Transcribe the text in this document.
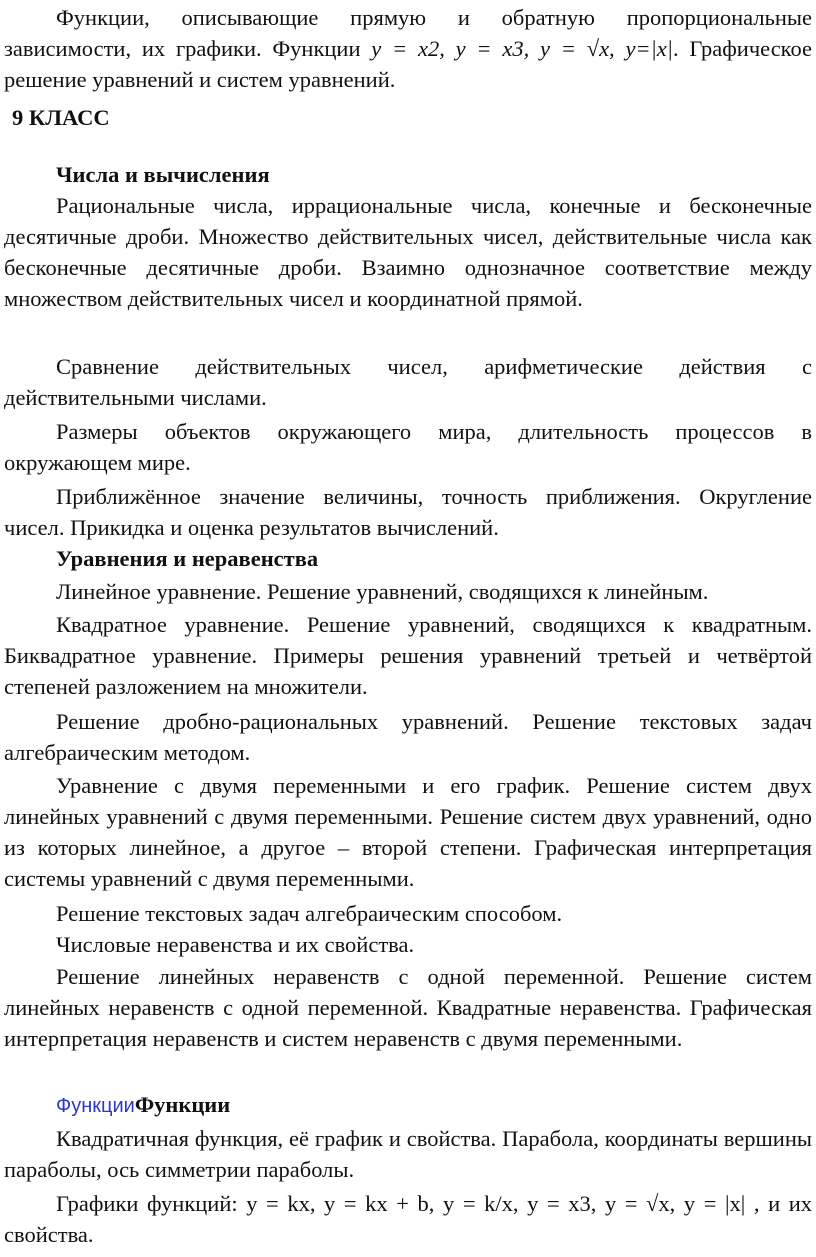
Функции, описывающие прямую и обратную пропорциональные зависимости, их графики. Функции y = x2, y = x3, y = √x, y=|x|. Графическое решение уравнений и систем уравнений.

9 КЛАСС

Числа и вычисления

Рациональные числа, иррациональные числа, конечные и бесконечные десятичные дроби. Множество действительных чисел, действительные числа как бесконечные десятичные дроби. Взаимно однозначное соответствие между множеством действительных чисел и координатной прямой.

Сравнение действительных чисел, арифметические действия с действительными числами.

Размеры объектов окружающего мира, длительность процессов в окружающем мире.

Приближённое значение величины, точность приближения. Округление чисел. Прикидка и оценка результатов вычислений.

Уравнения и неравенства

Линейное уравнение. Решение уравнений, сводящихся к линейным.

Квадратное уравнение. Решение уравнений, сводящихся к квадратным. Биквадратное уравнение. Примеры решения уравнений третьей и четвёртой степеней разложением на множители.

Решение дробно-рациональных уравнений. Решение текстовых задач алгебраическим методом.

Уравнение с двумя переменными и его график. Решение систем двух линейных уравнений с двумя переменными. Решение систем двух уравнений, одно из которых линейное, а другое – второй степени. Графическая интерпретация системы уравнений с двумя переменными.

Решение текстовых задач алгебраическим способом.

Числовые неравенства и их свойства.

Решение линейных неравенств с одной переменной. Решение систем линейных неравенств с одной переменной. Квадратные неравенства. Графическая интерпретация неравенств и систем неравенств с двумя переменными.

ФункцииФункции

Квадратичная функция, её график и свойства. Парабола, координаты вершины параболы, ось симметрии параболы.

Графики функций: y = kx, y = kx + b, y = k/x, y = x3, y = √x, y = |x| , и их свойства.
